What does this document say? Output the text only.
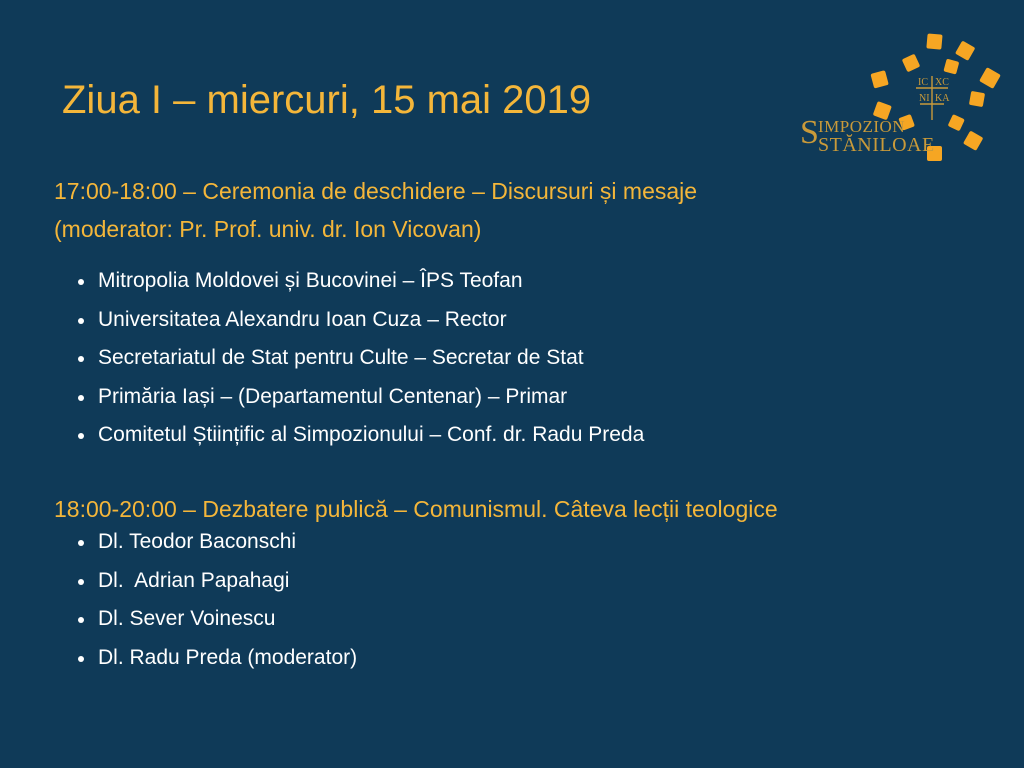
Ziua I – miercuri, 15 mai 2019	IC XC
NI KA
S IMPOZION
STĂNILOAE
17:00-18:00 – Ceremonia de deschidere – Discursuri și mesaje
(moderator: Pr. Prof. univ. dr. Ion Vicovan)
Mitropolia Moldovei și Bucovinei – ÎPS Teofan
Universitatea Alexandru Ioan Cuza – Rector
Secretariatul de Stat pentru Culte – Secretar de Stat
Primăria Iași – (Departamentul Centenar) – Primar
Comitetul Științific al Simpozionului – Conf. dr. Radu Preda
18:00-20:00 – Dezbatere publică – Comunismul. Câteva lecții teologice
Dl. Teodor Baconschi
Dl.  Adrian Papahagi
Dl. Sever Voinescu
Dl. Radu Preda (moderator)
